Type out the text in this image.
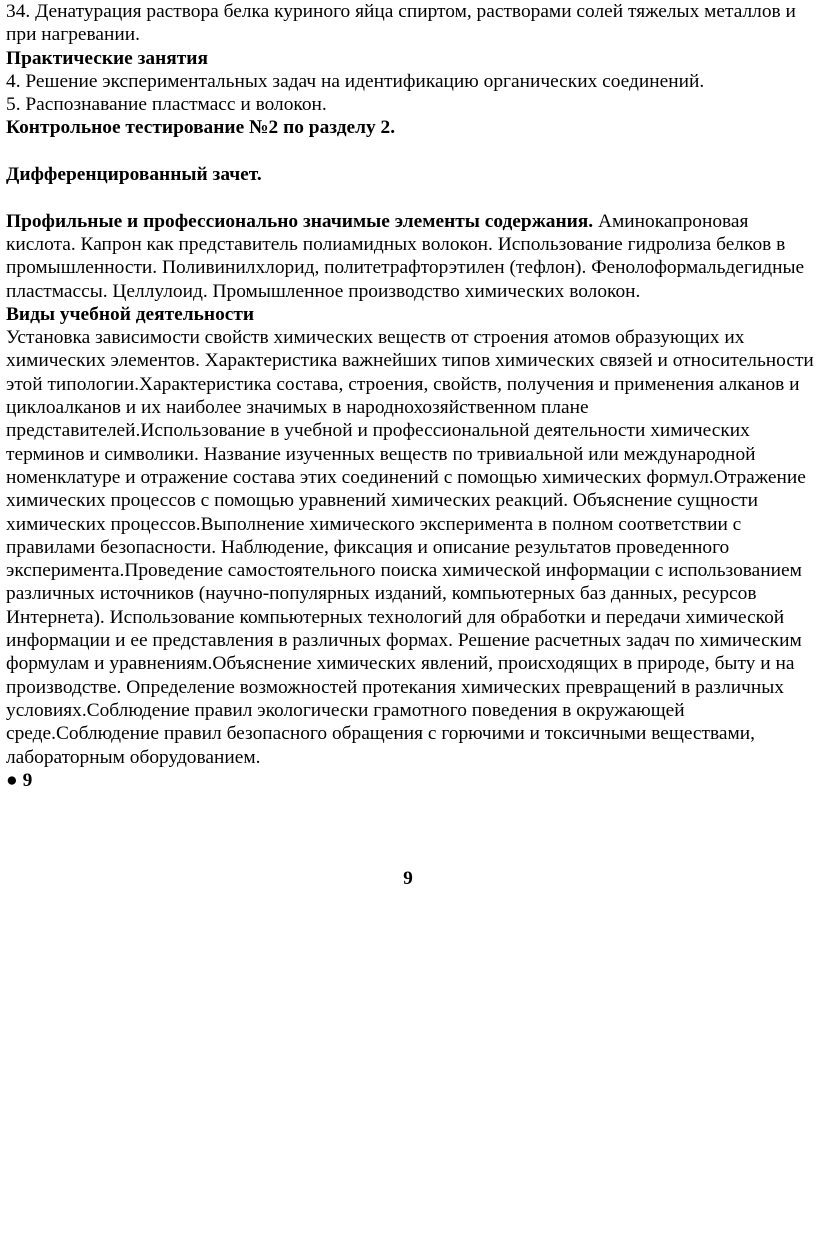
34. Денатурация раствора белка куриного яйца спиртом, растворами солей тяжелых металлов и при нагревании.

Практические занятия

4. Решение экспериментальных задач на идентификацию органических соединений.

5. Распознавание пластмасс и волокон.

Контрольное тестирование №2 по разделу 2.

Дифференцированный зачет.

Профильные и профессионально значимые элементы содержания. Аминокапроновая кислота. Капрон как представитель полиамидных волокон. Использование гидролиза белков в промышленности. Поливинилхлорид, политетрафторэтилен (тефлон). Фенолоформальдегидные пластмассы. Целлулоид. Промышленное производство химических волокон.

Виды учебной деятельности

Установка зависимости свойств химических веществ от строения атомов образующих их химических элементов. Характеристика важнейших типов химических связей и относительности этой типологии.Характеристика состава, строения, свойств, получения и применения алканов и циклоалканов и их наиболее значимых в народнохозяйственном плане представителей.Использование в учебной и профессиональной деятельности химических терминов и символики. Название изученных веществ по тривиальной или международной номенклатуре и отражение состава этих соединений с помощью химических формул.Отражение химических процессов с помощью уравнений химических реакций. Объяснение сущности химических процессов.Выполнение химического эксперимента в полном соответствии с правилами безопасности. Наблюдение, фиксация и описание результатов проведенного эксперимента.Проведение самостоятельного поиска химической информации с использованием различных источников (научно-популярных изданий, компьютерных баз данных, ресурсов Интернета). Использование компьютерных технологий для обработки и передачи химической информации и ее представления в различных формах. Решение расчетных задач по химическим формулам и уравнениям.Объяснение химических явлений, происходящих в природе, быту и на производстве. Определение возможностей протекания химических превращений в различных условиях.Соблюдение правил экологически грамотного поведения в окружающей среде.Соблюдение правил безопасного обращения с горючими и токсичными веществами, лабораторным оборудованием.

● 9

9
